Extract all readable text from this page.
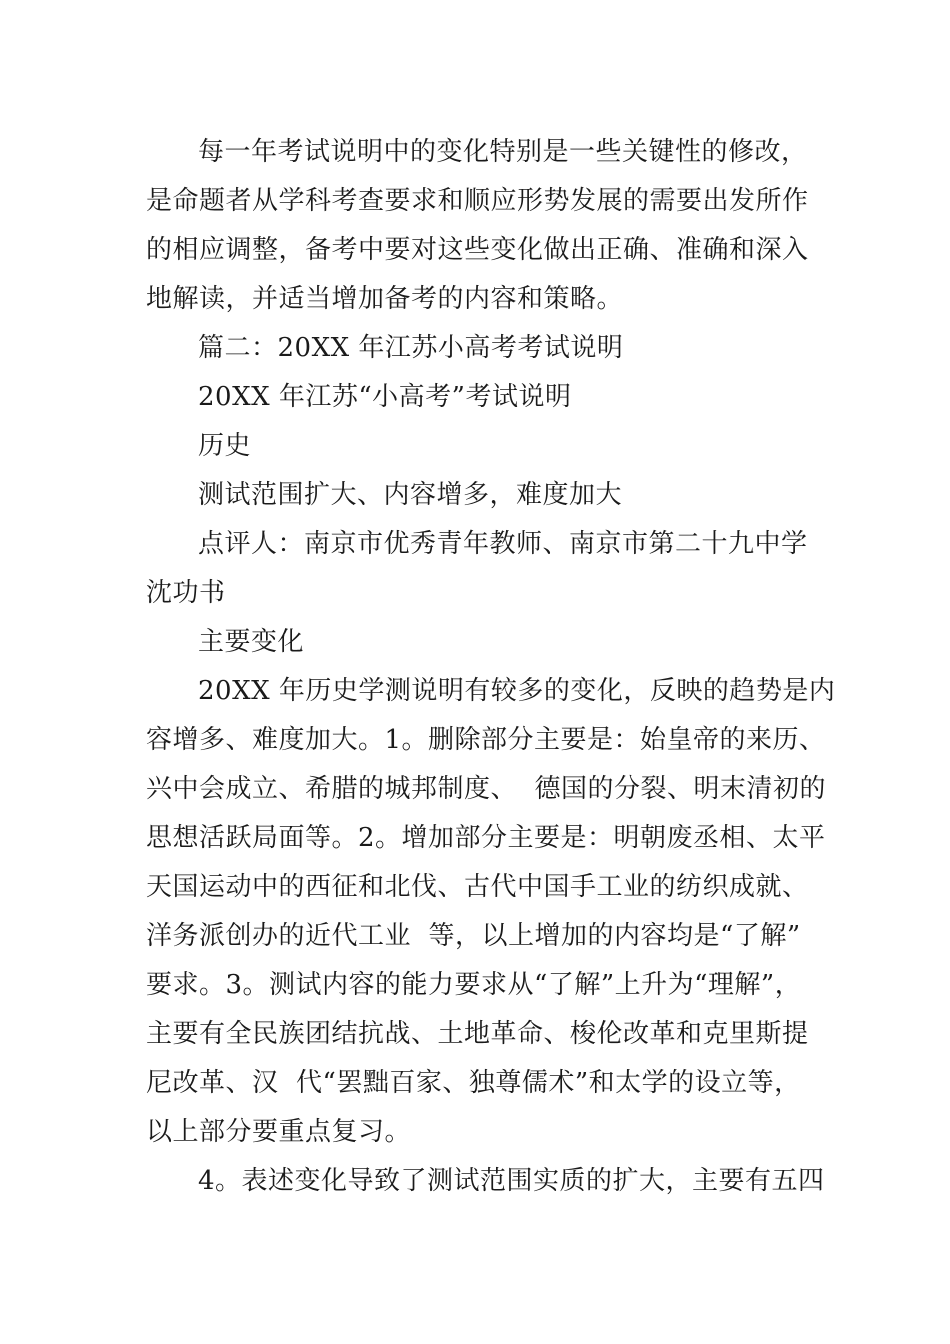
每一年考试说明中的变化特别是一些关键性的修改，
是命题者从学科考查要求和顺应形势发展的需要出发所作
的相应调整，备考中要对这些变化做出正确、准确和深入
地解读，并适当增加备考的内容和策略。
篇二：20XX 年江苏小高考考试说明
20XX 年江苏“小高考”考试说明
历史
测试范围扩大、内容增多，难度加大
点评人：南京市优秀青年教师、南京市第二十九中学
沈功书
主要变化
20XX 年历史学测说明有较多的变化，反映的趋势是内
容增多、难度加大。1。删除部分主要是：始皇帝的来历、
兴中会成立、希腊的城邦制度、  德国的分裂、明末清初的
思想活跃局面等。2。增加部分主要是：明朝废丞相、太平
天国运动中的西征和北伐、古代中国手工业的纺织成就、
洋务派创办的近代工业  等，以上增加的内容均是“了解”
要求。3。测试内容的能力要求从“了解”上升为“理解”，
主要有全民族团结抗战、土地革命、梭伦改革和克里斯提
尼改革、汉  代“罢黜百家、独尊儒术”和太学的设立等，
以上部分要重点复习。
4。表述变化导致了测试范围实质的扩大，主要有五四
